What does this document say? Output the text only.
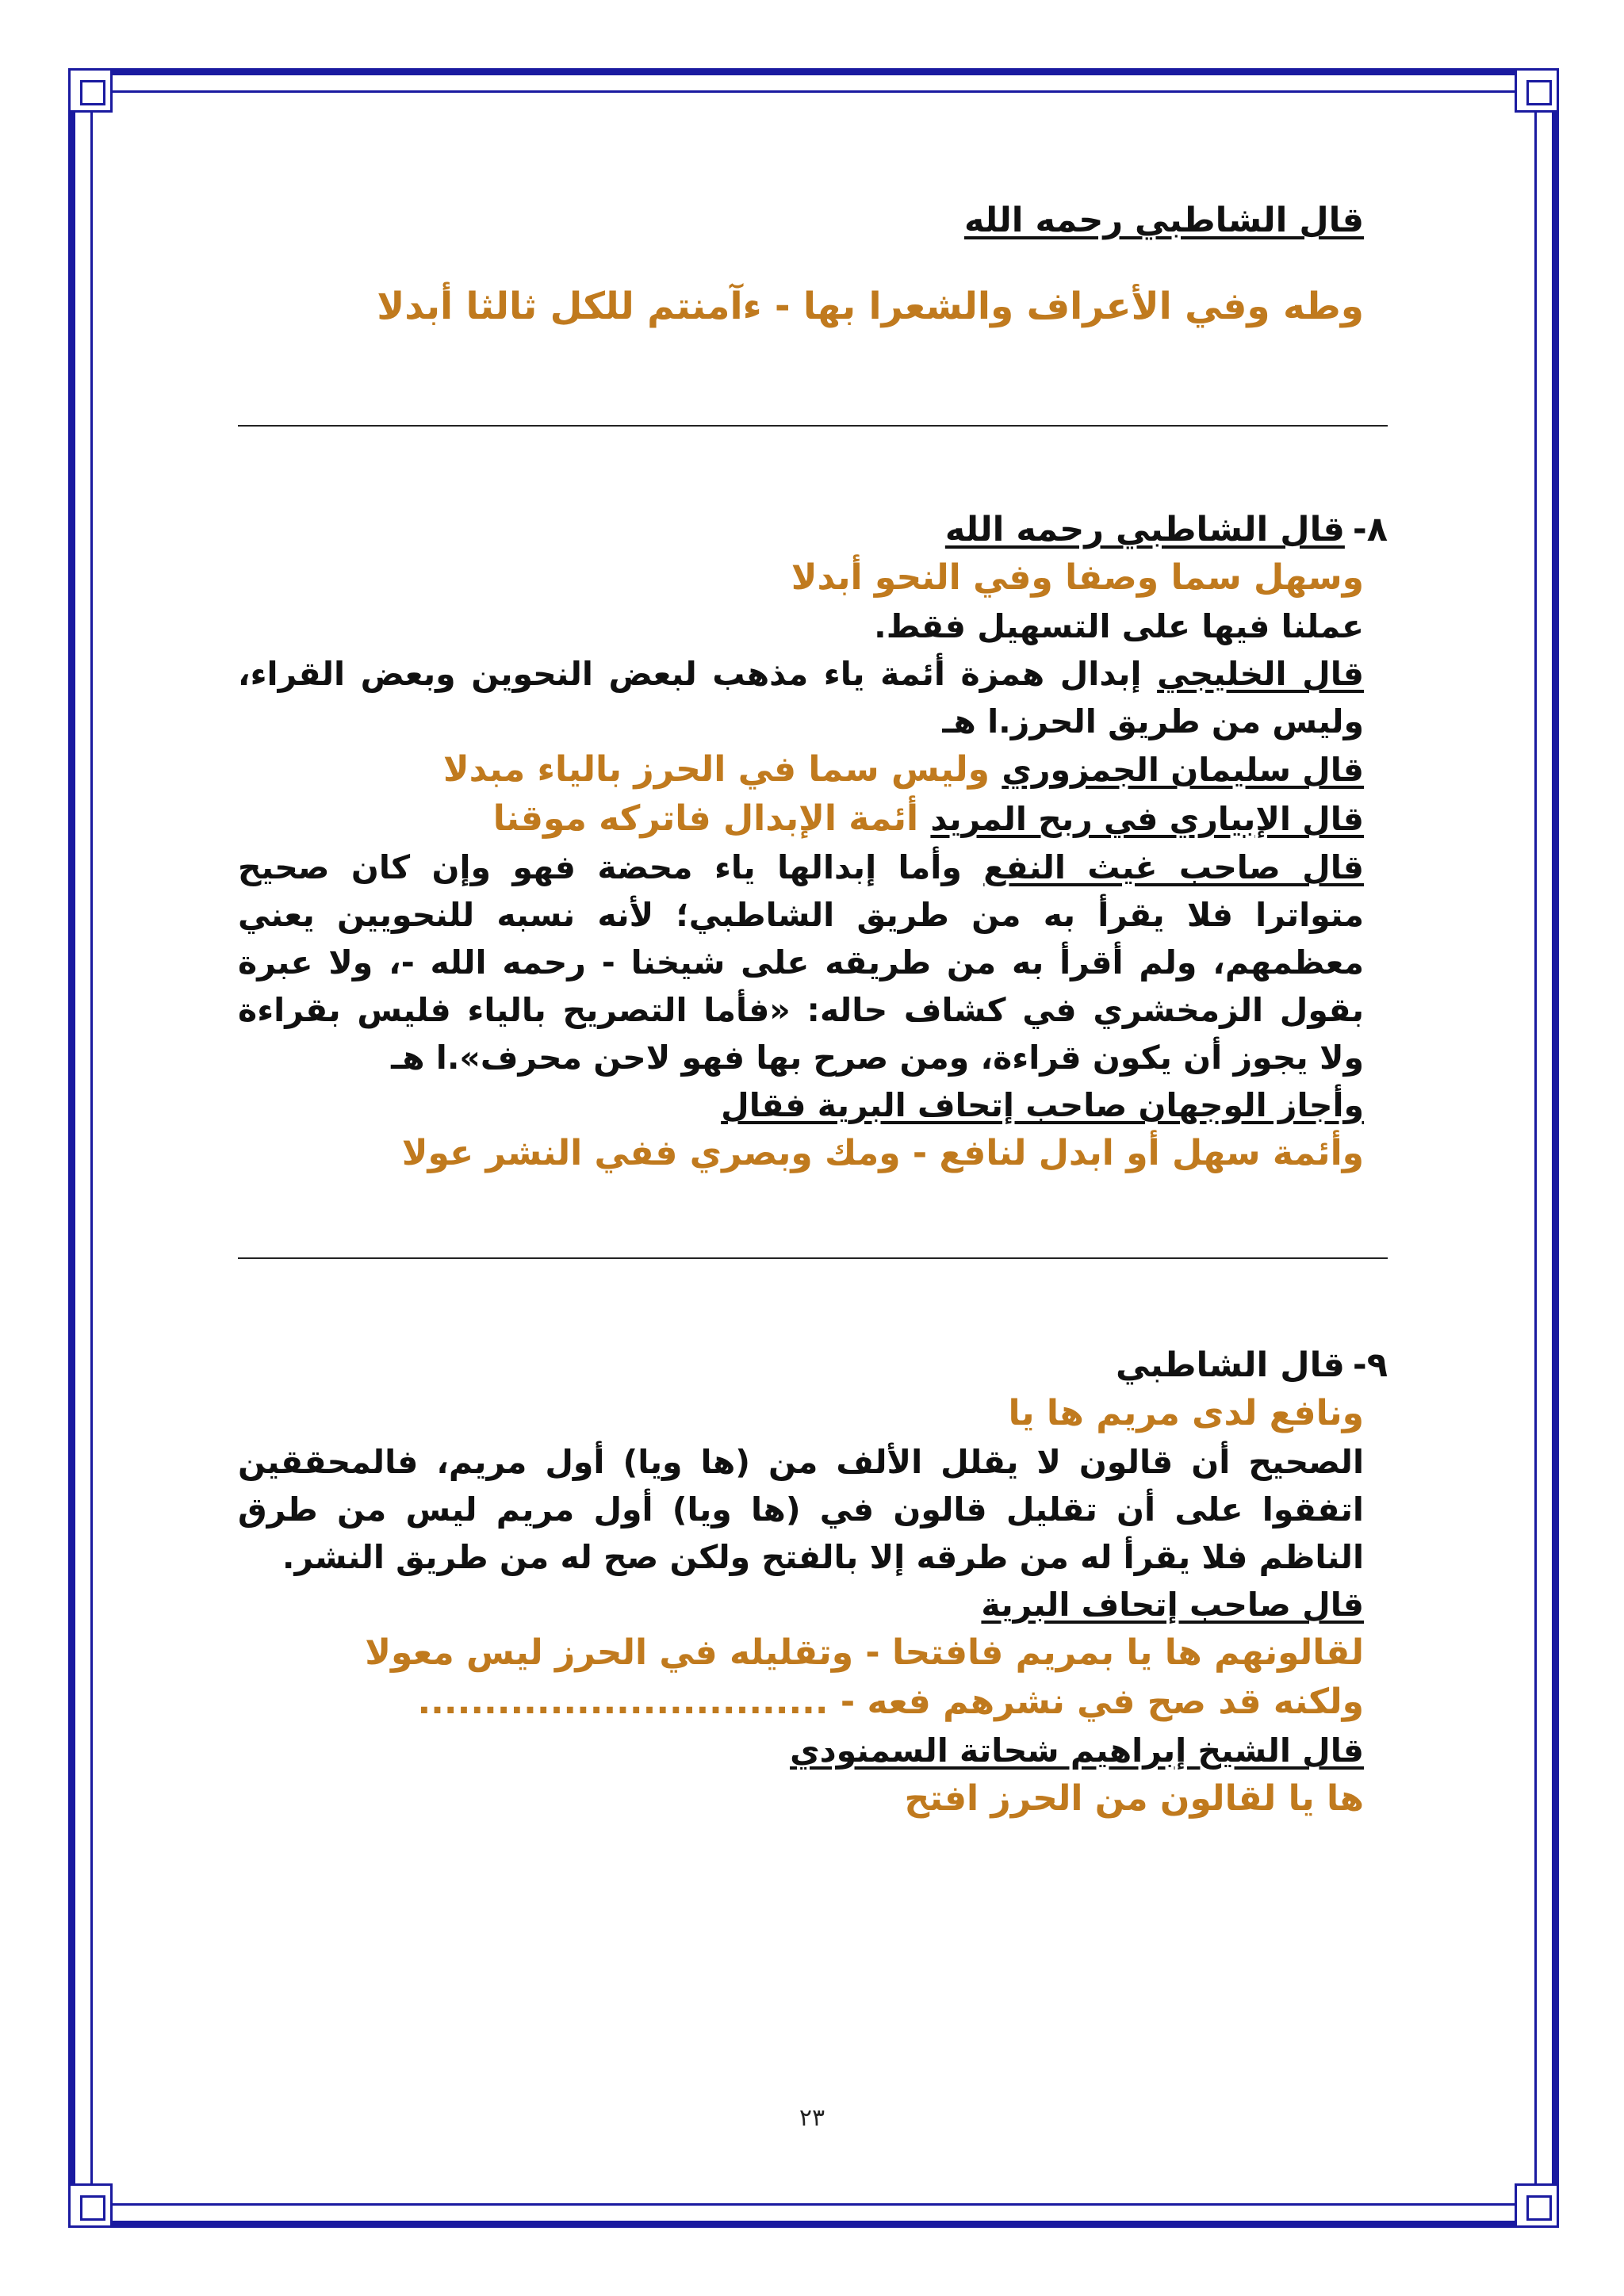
قال الشاطبي رحمه الله

وطه وفي الأعراف والشعرا بها - ءآمنتم للكل ثالثا أبدلا

٨-قال الشاطبي رحمه الله

وسهل سما وصفا وفي النحو أبدلا

عملنا فيها على التسهيل فقط.

قال الخليجي إبدال همزة أئمة ياء مذهب لبعض النحوين وبعض القراء، وليس من طريق الحرز.ا هـ

قال سليمان الجمزوري وليس سما في الحرز بالياء مبدلا

قال الإبياري في ربح المريد أئمة الإبدال فاتركه موقنا

قال صاحب غيث النفع وأما إبدالها ياء محضة فهو وإن كان صحيح متواترا فلا يقرأ به من طريق الشاطبي؛ لأنه نسبه للنحويين يعني معظمهم، ولم أقرأ به من طريقه على شيخنا - رحمه الله -، ولا عبرة بقول الزمخشري في كشاف حاله: «فأما التصريح بالياء فليس بقراءة ولا يجوز أن يكون قراءة، ومن صرح بها فهو لاحن محرف».ا هـ

وأجاز الوجهان صاحب إتحاف البرية فقال

وأئمة سهل أو ابدل لنافع - ومك وبصري ففي النشر عولا

٩-قال الشاطبي

ونافع لدى مريم ها يا

الصحيح أن قالون لا يقلل الألف من (ها ويا) أول مريم، فالمحققين اتفقوا على أن تقليل قالون في (ها ويا) أول مريم ليس من طرق الناظم فلا يقرأ له من طرقه إلا بالفتح ولكن صح له من طريق النشر.

قال صاحب إتحاف البرية

لقالونهم ها يا بمريم فافتحا - وتقليله في الحرز ليس معولا

ولكنه قد صح في نشرهم فعه - ...............................

قال الشيخ إبراهيم شحاتة السمنودي

ها يا لقالون من الحرز افتح

٢٣
